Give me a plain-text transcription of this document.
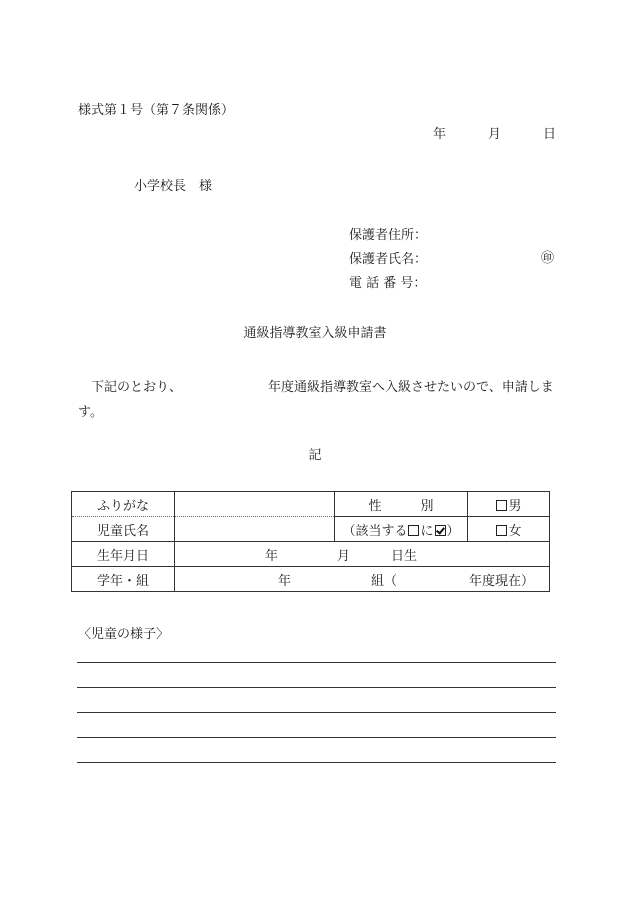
様式第１号（第７条関係）
年	月	日
小学校長　様
保護者住所：
保護者氏名：	㊞
電 話 番 号：
通級指導教室入級申請書
下記のとおり、	年度通級指導教室へ入級させたいので、申請します。
記
ふりがな		性　　　別	男
児童氏名		（該当する に ）	女
生年月日	年 月 日生		
学年・組	年 組（ 年度現在）		
〈児童の様子〉
